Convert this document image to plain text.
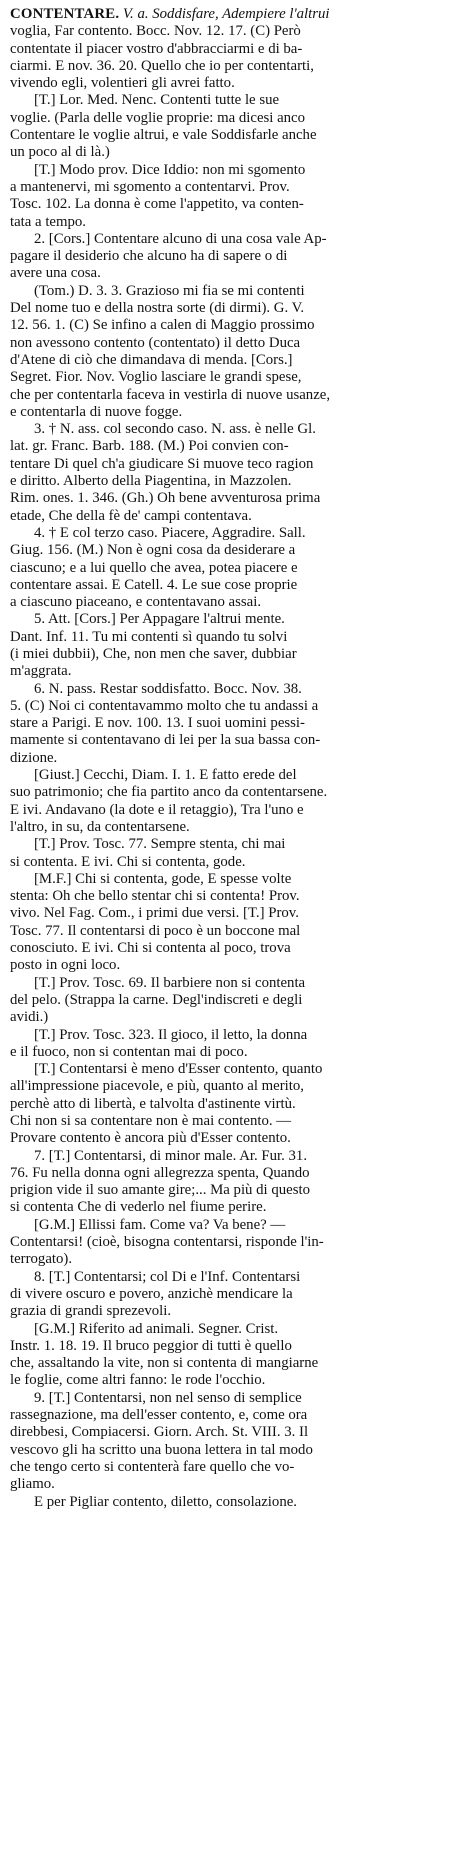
CONTENTARE. V. a. Soddisfare, Adempiere l'altrui
voglia, Far contento. Bocc. Nov. 12. 17. (C) Però
contentate il piacer vostro d'abbracciarmi e di ba-
ciarmi. E nov. 36. 20. Quello che io per contentarti,
vivendo egli, volentieri gli avrei fatto.
[T.] Lor. Med. Nenc. Contenti tutte le sue
voglie. (Parla delle voglie proprie: ma dicesi anco
Contentare le voglie altrui, e vale Soddisfarle anche
un poco al di là.)
[T.] Modo prov. Dice Iddio: non mi sgomento
a mantenervi, mi sgomento a contentarvi. Prov.
Tosc. 102. La donna è come l'appetito, va conten-
tata a tempo.
2. [Cors.] Contentare alcuno di una cosa vale Ap-
pagare il desiderio che alcuno ha di sapere o di
avere una cosa.
(Tom.) D. 3. 3. Grazioso mi fia se mi contenti
Del nome tuo e della nostra sorte (di dirmi). G. V.
12. 56. 1. (C) Se infino a calen di Maggio prossimo
non avessono contento (contentato) il detto Duca
d'Atene di ciò che dimandava di menda. [Cors.]
Segret. Fior. Nov. Voglio lasciare le grandi spese,
che per contentarla faceva in vestirla di nuove usanze,
e contentarla di nuove fogge.
3. † N. ass. col secondo caso. N. ass. è nelle Gl.
lat. gr. Franc. Barb. 188. (M.) Poi convien con-
tentare Di quel ch'a giudicare Si muove teco ragion
e diritto. Alberto della Piagentina, in Mazzolen.
Rim. ones. 1. 346. (Gh.) Oh bene avventurosa prima
etade, Che della fè de' campi contentava.
4. † E col terzo caso. Piacere, Aggradire. Sall.
Giug. 156. (M.) Non è ogni cosa da desiderare a
ciascuno; e a lui quello che avea, potea piacere e
contentare assai. E Catell. 4. Le sue cose proprie
a ciascuno piaceano, e contentavano assai.
5. Att. [Cors.] Per Appagare l'altrui mente.
Dant. Inf. 11. Tu mi contenti sì quando tu solvi
(i miei dubbii), Che, non men che saver, dubbiar
m'aggrata.
6. N. pass. Restar soddisfatto. Bocc. Nov. 38.
5. (C) Noi ci contentavammo molto che tu andassi a
stare a Parigi. E nov. 100. 13. I suoi uomini pessi-
mamente si contentavano di lei per la sua bassa con-
dizione.
[Giust.] Cecchi, Diam. I. 1. E fatto erede del
suo patrimonio; che fia partito anco da contentarsene.
E ivi. Andavano (la dote e il retaggio), Tra l'uno e
l'altro, in su, da contentarsene.
[T.] Prov. Tosc. 77. Sempre stenta, chi mai
si contenta. E ivi. Chi si contenta, gode.
[M.F.] Chi si contenta, gode, E spesse volte
stenta: Oh che bello stentar chi si contenta! Prov.
vivo. Nel Fag. Com., i primi due versi. [T.] Prov.
Tosc. 77. Il contentarsi di poco è un boccone mal
conosciuto. E ivi. Chi si contenta al poco, trova
posto in ogni loco.
[T.] Prov. Tosc. 69. Il barbiere non si contenta
del pelo. (Strappa la carne. Degl'indiscreti e degli
avidi.)
[T.] Prov. Tosc. 323. Il gioco, il letto, la donna
e il fuoco, non si contentan mai di poco.
[T.] Contentarsi è meno d'Esser contento, quanto
all'impressione piacevole, e più, quanto al merito,
perchè atto di libertà, e talvolta d'astinente virtù.
Chi non si sa contentare non è mai contento. —
Provare contento è ancora più d'Esser contento.
7. [T.] Contentarsi, di minor male. Ar. Fur. 31.
76. Fu nella donna ogni allegrezza spenta, Quando
prigion vide il suo amante gire;... Ma più di questo
si contenta Che di vederlo nel fiume perire.
[G.M.] Ellissi fam. Come va? Va bene? —
Contentarsi! (cioè, bisogna contentarsi, risponde l'in-
terrogato).
8. [T.] Contentarsi; col Di e l'Inf. Contentarsi
di vivere oscuro e povero, anzichè mendicare la
grazia di grandi sprezevoli.
[G.M.] Riferito ad animali. Segner. Crist.
Instr. 1. 18. 19. Il bruco peggior di tutti è quello
che, assaltando la vite, non si contenta di mangiarne
le foglie, come altri fanno: le rode l'occhio.
9. [T.] Contentarsi, non nel senso di semplice
rassegnazione, ma dell'esser contento, e, come ora
direbbesi, Compiacersi. Giorn. Arch. St. VIII. 3. Il
vescovo gli ha scritto una buona lettera in tal modo
che tengo certo si contenterà fare quello che vo-
gliamo.
E per Pigliar contento, diletto, consolazione.
